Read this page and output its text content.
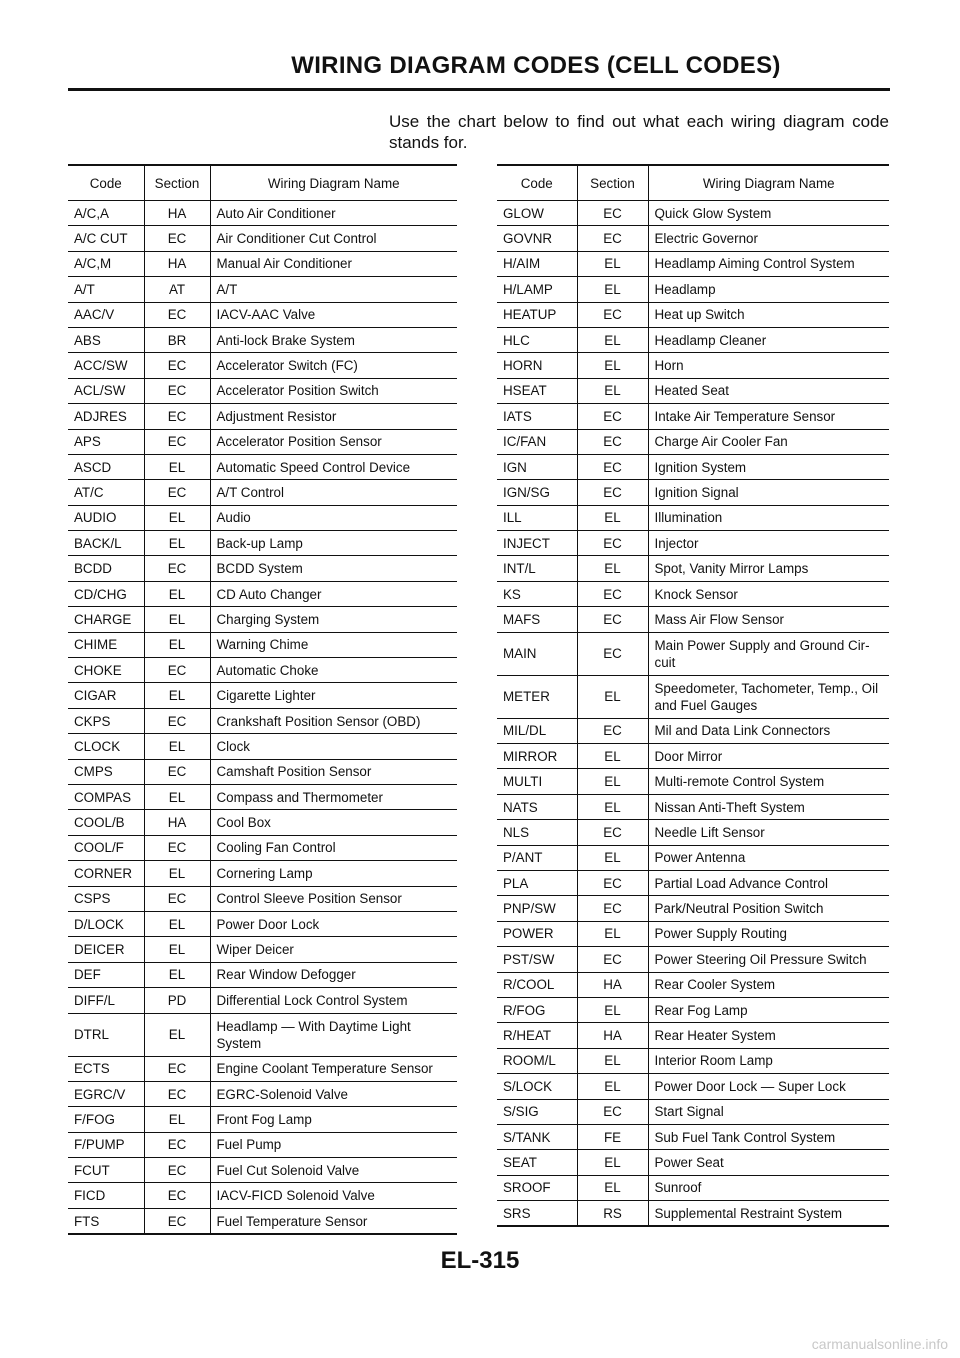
WIRING DIAGRAM CODES (CELL CODES)
Use the chart below to find out what each wiring diagram code stands for.
Code	Section	Wiring Diagram Name
A/C,A	HA	Auto Air Conditioner
A/C CUT	EC	Air Conditioner Cut Control
A/C,M	HA	Manual Air Conditioner
A/T	AT	A/T
AAC/V	EC	IACV-AAC Valve
ABS	BR	Anti-lock Brake System
ACC/SW	EC	Accelerator Switch (FC)
ACL/SW	EC	Accelerator Position Switch
ADJRES	EC	Adjustment Resistor
APS	EC	Accelerator Position Sensor
ASCD	EL	Automatic Speed Control Device
AT/C	EC	A/T Control
AUDIO	EL	Audio
BACK/L	EL	Back-up Lamp
BCDD	EC	BCDD System
CD/CHG	EL	CD Auto Changer
CHARGE	EL	Charging System
CHIME	EL	Warning Chime
CHOKE	EC	Automatic Choke
CIGAR	EL	Cigarette Lighter
CKPS	EC	Crankshaft Position Sensor (OBD)
CLOCK	EL	Clock
CMPS	EC	Camshaft Position Sensor
COMPAS	EL	Compass and Thermometer
COOL/B	HA	Cool Box
COOL/F	EC	Cooling Fan Control
CORNER	EL	Cornering Lamp
CSPS	EC	Control Sleeve Position Sensor
D/LOCK	EL	Power Door Lock
DEICER	EL	Wiper Deicer
DEF	EL	Rear Window Defogger
DIFF/L	PD	Differential Lock Control System
DTRL	EL	Headlamp — With Daytime Light System
ECTS	EC	Engine Coolant Temperature Sensor
EGRC/V	EC	EGRC-Solenoid Valve
F/FOG	EL	Front Fog Lamp
F/PUMP	EC	Fuel Pump
FCUT	EC	Fuel Cut Solenoid Valve
FICD	EC	IACV-FICD Solenoid Valve
FTS	EC	Fuel Temperature Sensor
Code	Section	Wiring Diagram Name
GLOW	EC	Quick Glow System
GOVNR	EC	Electric Governor
H/AIM	EL	Headlamp Aiming Control System
H/LAMP	EL	Headlamp
HEATUP	EC	Heat up Switch
HLC	EL	Headlamp Cleaner
HORN	EL	Horn
HSEAT	EL	Heated Seat
IATS	EC	Intake Air Temperature Sensor
IC/FAN	EC	Charge Air Cooler Fan
IGN	EC	Ignition System
IGN/SG	EC	Ignition Signal
ILL	EL	Illumination
INJECT	EC	Injector
INT/L	EL	Spot, Vanity Mirror Lamps
KS	EC	Knock Sensor
MAFS	EC	Mass Air Flow Sensor
MAIN	EC	Main Power Supply and Ground Cir-cuit
METER	EL	Speedometer, Tachometer, Temp., Oil and Fuel Gauges
MIL/DL	EC	Mil and Data Link Connectors
MIRROR	EL	Door Mirror
MULTI	EL	Multi-remote Control System
NATS	EL	Nissan Anti-Theft System
NLS	EC	Needle Lift Sensor
P/ANT	EL	Power Antenna
PLA	EC	Partial Load Advance Control
PNP/SW	EC	Park/Neutral Position Switch
POWER	EL	Power Supply Routing
PST/SW	EC	Power Steering Oil Pressure Switch
R/COOL	HA	Rear Cooler System
R/FOG	EL	Rear Fog Lamp
R/HEAT	HA	Rear Heater System
ROOM/L	EL	Interior Room Lamp
S/LOCK	EL	Power Door Lock — Super Lock
S/SIG	EC	Start Signal
S/TANK	FE	Sub Fuel Tank Control System
SEAT	EL	Power Seat
SROOF	EL	Sunroof
SRS	RS	Supplemental Restraint System
EL-315
carmanualsonline.info
